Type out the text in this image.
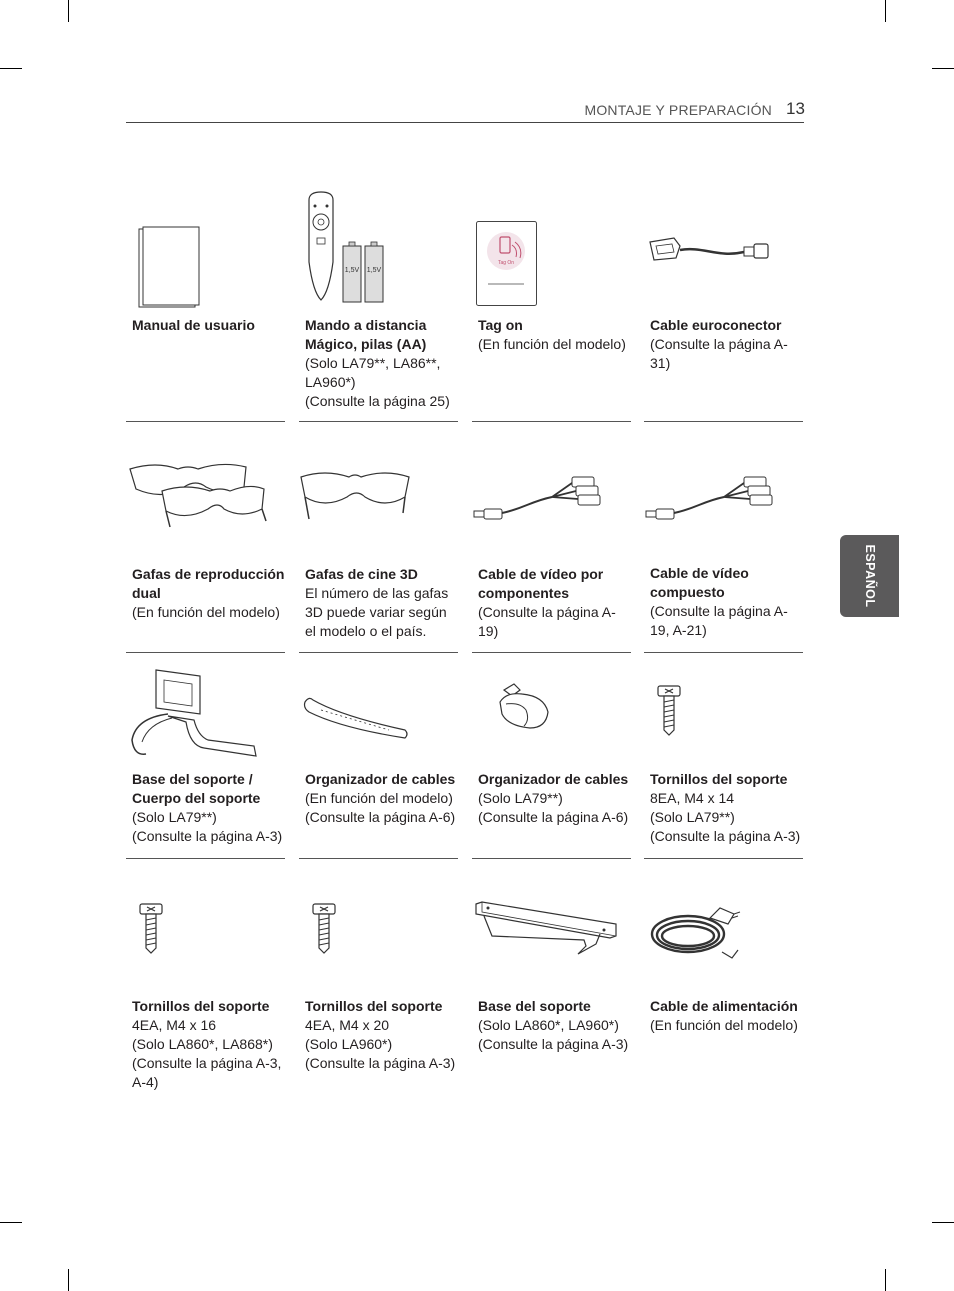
MONTAJE Y PREPARACIÓN 13
ESPAÑOL
Manual de usuario
1,5V 1,5V
Mando a distancia Mágico, pilas (AA)
(Solo LA79**, LA86**, LA960*)
(Consulte la página 25)
Tag On
Tag on
(En función del modelo)
Cable euroconector
(Consulte la página A-31)
Gafas de reproducción dual
(En función del modelo)
Gafas de cine 3D
El número de las gafas 3D puede variar según el modelo o el país.
Cable de vídeo por componentes
(Consulte la página A-19)
Cable de vídeo compuesto
(Consulte la página A-19, A-21)
Base del soporte / Cuerpo del soporte
(Solo LA79**)
(Consulte la página A-3)
Organizador de cables
(En función del modelo)
(Consulte la página A-6)
Organizador de cables
(Solo LA79**)
(Consulte la página A-6)
Tornillos del soporte
8EA, M4 x 14
(Solo LA79**)
(Consulte la página A-3)
Tornillos del soporte
4EA, M4 x 16
(Solo LA860*, LA868*)
(Consulte la página A-3, A-4)
Tornillos del soporte
4EA, M4 x 20
(Solo LA960*)
(Consulte la página A-3)
Base del soporte
(Solo LA860*, LA960*)
(Consulte la página A-3)
Cable de alimentación
(En función del modelo)
